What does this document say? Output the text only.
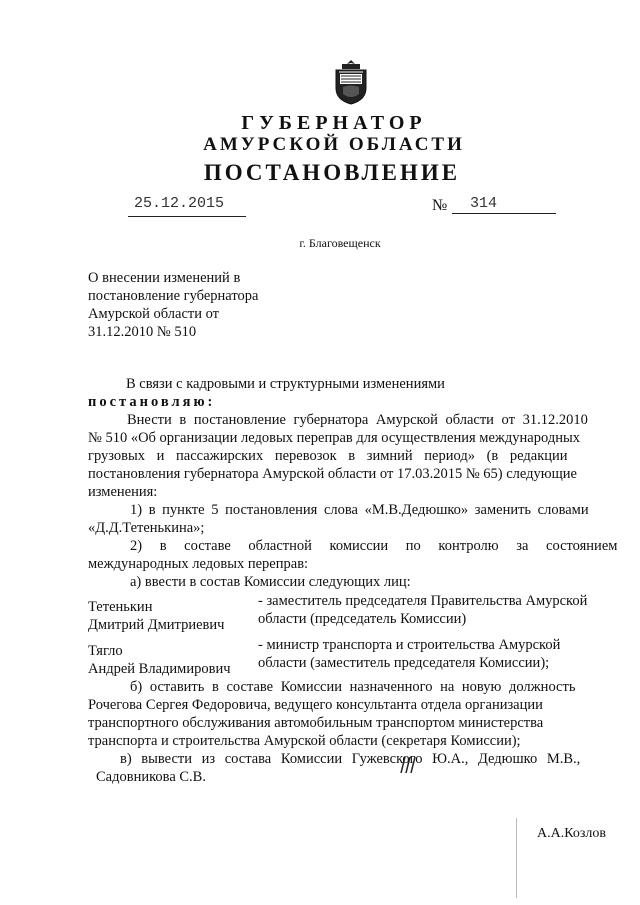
ГУБЕРНАТОР
АМУРСКОЙ ОБЛАСТИ
ПОСТАНОВЛЕНИЕ
25.12.2015	№ 314
г. Благовещенск
О внесении изменений в
постановление губернатора
Амурской области от
31.12.2010 № 510
В связи с кадровыми и структурными изменениями
постановляю:
Внести в постановление губернатора Амурской области от 31.12.2010
№ 510 «Об организации ледовых переправ для осуществления международных
грузовых и пассажирских перевозок в зимний период» (в редакции
постановления губернатора Амурской области от 17.03.2015 № 65) следующие
изменения:
1) в пункте 5 постановления слова «М.В.Дедюшко» заменить словами
«Д.Д.Тетенькина»;
2) в составе областной комиссии по контролю за состоянием
международных ледовых переправ:
а) ввести в состав Комиссии следующих лиц:
Тетенькин
Дмитрий Дмитриевич
- заместитель председателя Правительства Амурской
области (председатель Комиссии)
Тягло
Андрей Владимирович
- министр транспорта и строительства Амурской
области (заместитель председателя Комиссии);
б) оставить в составе Комиссии назначенного на новую должность
Рочегова Сергея Федоровича, ведущего консультанта отдела организации
транспортного обслуживания автомобильным транспортом министерства
транспорта и строительства Амурской области (секретаря Комиссии);
в) вывести из состава Комиссии Гужевского Ю.А., Дедюшко М.В.,
Садовникова С.В.
А.А.Козлов
